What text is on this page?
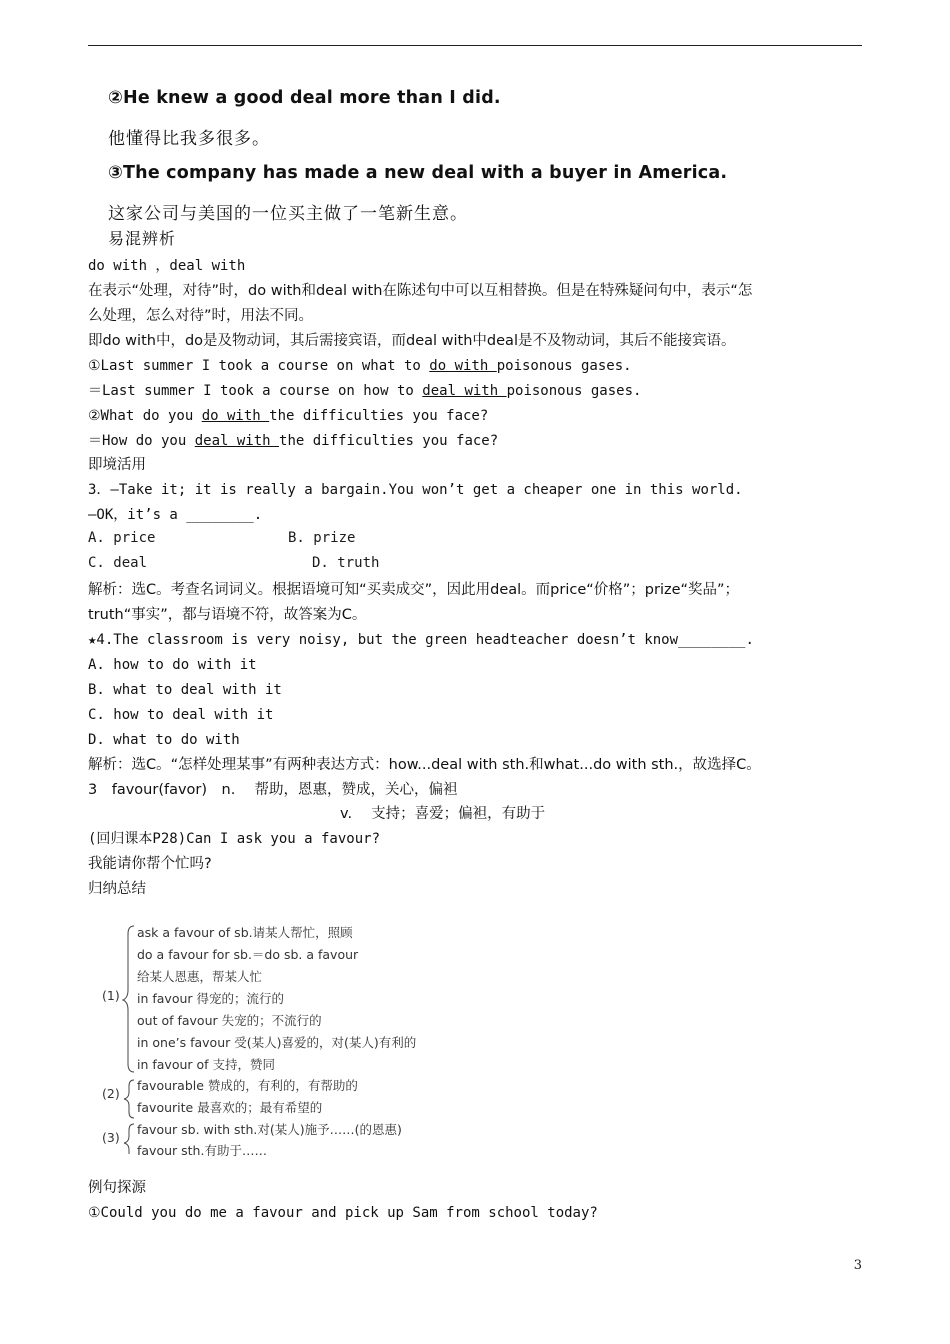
②He knew a good deal more than I did.
他懂得比我多很多。
③The company has made a new deal with a buyer in America.
这家公司与美国的一位买主做了一笔新生意。
易混辨析
do with ，deal with
在表示“处理，对待”时，do with和deal with在陈述句中可以互相替换。但是在特殊疑问句中，表示“怎
么处理，怎么对待”时，用法不同。
即do with中，do是及物动词，其后需接宾语，而deal with中deal是不及物动词，其后不能接宾语。
①Last summer I took a course on what to do with poisonous gases.
＝Last summer I took a course on how to deal with poisonous gases.
②What do you do with the difficulties you face?
＝How do you deal with the difficulties you face?
即境活用
3．—Take it; it is really a bargain.You won’t get a cheaper one in this world.
—OK，it’s a ________.
A. price	B. prize
C. deal	D. truth
解析：选C。考查名词词义。根据语境可知“买卖成交”，因此用deal。而price“价格”；prize“奖品”；
truth“事实”，都与语境不符，故答案为C。
★4.The classroom is very noisy, but the green headteacher doesn’t know________.
A. how to do with it
B. what to deal with it
C. how to deal with it
D. what to do with
解析：选C。“怎样处理某事”有两种表达方式：how...deal with sth.和what...do with sth.，故选择C。
3　favour(favor)　n.　 帮助，恩惠，赞成，关心，偏袒
v.　 支持；喜爱；偏袒，有助于
(回归课本P28)Can I ask you a favour?
我能请你帮个忙吗?
归纳总结
(1)
(2)
(3)
ask a favour of sb.请某人帮忙，照顾
do a favour for sb.＝do sb. a favour
给某人恩惠，帮某人忙
in favour 得宠的；流行的
out of favour 失宠的；不流行的
in one’s favour 受(某人)喜爱的，对(某人)有利的
in favour of 支持，赞同
favourable 赞成的，有利的，有帮助的
favourite 最喜欢的；最有希望的
favour sb. with sth.对(某人)施予……(的恩惠)
favour sth.有助于……
例句探源
①Could you do me a favour and pick up Sam from school today?
3
